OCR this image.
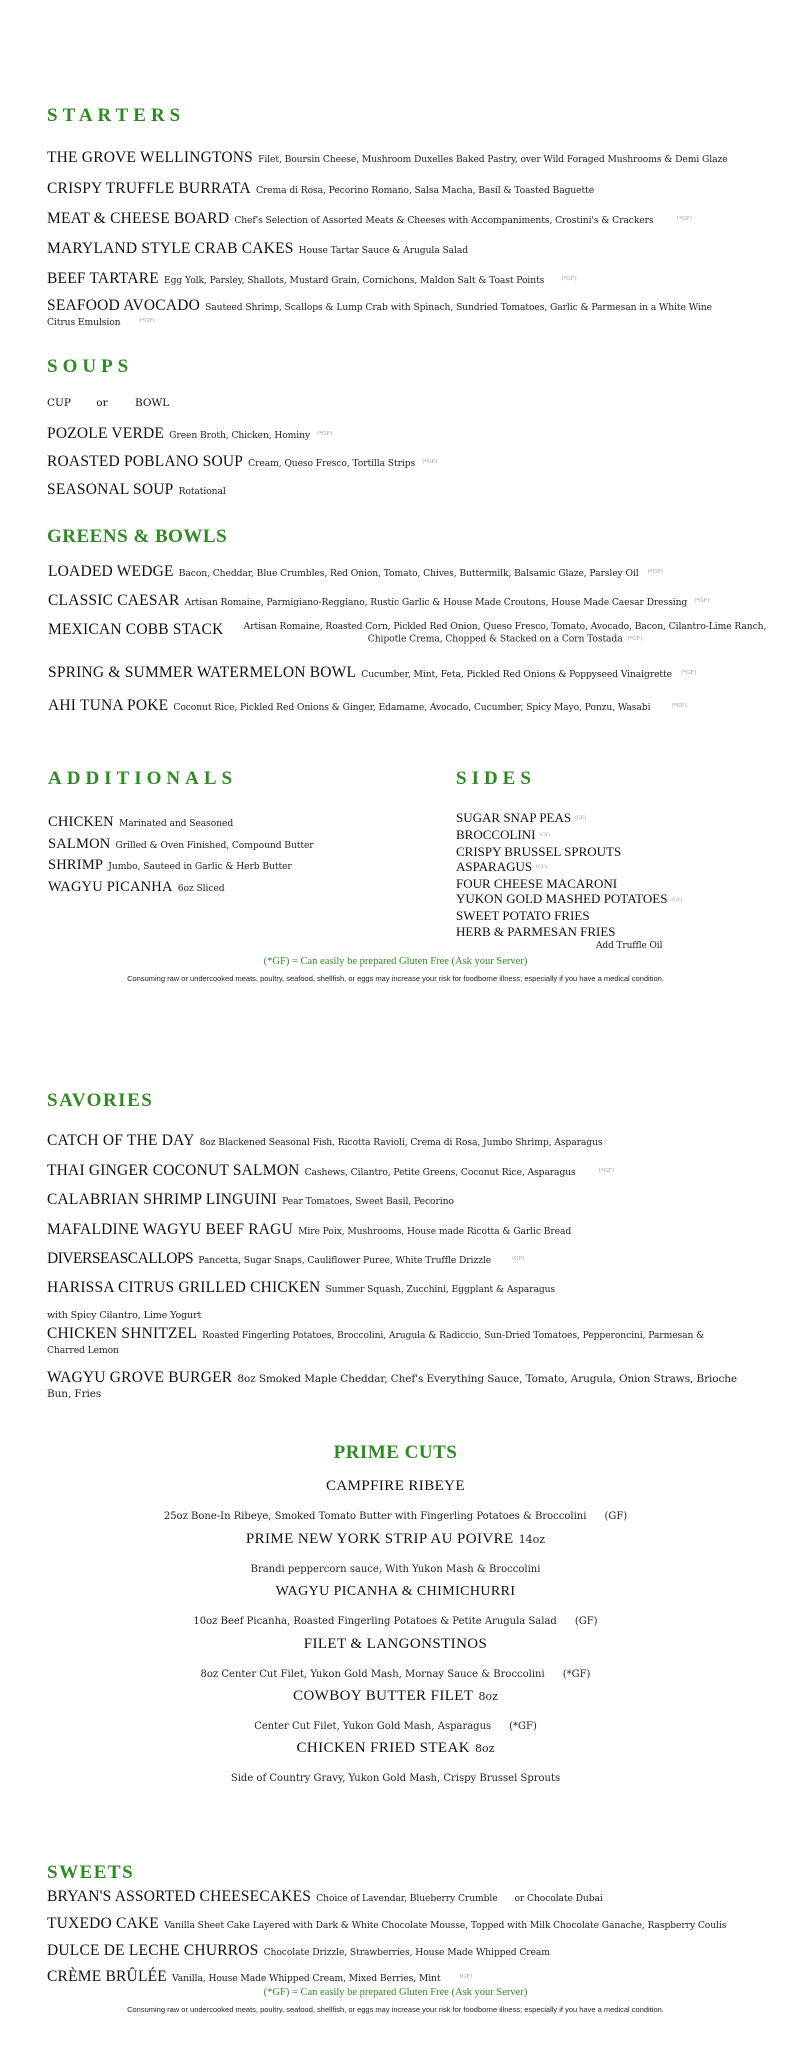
STARTERS
THE GROVE WELLINGTONS Filet, Boursin Cheese, Mushroom Duxelles Baked Pastry, over Wild Foraged Mushrooms & Demi Glaze
CRISPY TRUFFLE BURRATA Crema di Rosa, Pecorino Romano, Salsa Macha, Basil & Toasted Baguette
MEAT & CHEESE BOARD Chef's Selection of Assorted Meats & Cheeses with Accompaniments, Crostini's & Crackers	(*GF)
MARYLAND STYLE CRAB CAKES House Tartar Sauce & Arugula Salad
BEEF TARTARE Egg Yolk, Parsley, Shallots, Mustard Grain, Cornichons, Maldon Salt & Toast Points	(*GF)
SEAFOOD AVOCADO Sauteed Shrimp, Scallops & Lump Crab with Spinach, Sundried Tomatoes, Garlic & Parmesan in a White Wine Citrus Emulsion	(*GF)
SOUPS
CUP or	BOWL
POZOLE VERDE Green Broth, Chicken, Hominy (*GF)
ROASTED POBLANO SOUP Cream, Queso Fresco, Tortilla Strips (*GF)
SEASONAL SOUP Rotational
GREENS & BOWLS
LOADED WEDGE Bacon, Cheddar, Blue Crumbles, Red Onion, Tomato, Chives, Buttermilk, Balsamic Glaze, Parsley Oil (*GF)
CLASSIC CAESAR Artisan Romaine, Parmigiano-Reggiano, Rustic Garlic & House Made Croutons, House Made Caesar Dressing (*GF)
MEXICAN COBB STACK	Artisan Romaine, Roasted Corn, Pickled Red Onion, Queso Fresco, Tomato, Avocado, Bacon, Cilantro-Lime Ranch, Chipotle Crema, Chopped & Stacked on a Corn Tostada (*GF)
SPRING & SUMMER WATERMELON BOWL Cucumber, Mint, Feta, Pickled Red Onions & Poppyseed Vinaigrette (*GF)
AHI TUNA POKE Coconut Rice, Pickled Red Onions & Ginger, Edamame, Avocado, Cucumber, Spicy Mayo, Ponzu, Wasabi	(*GF)
ADDITIONALS
CHICKEN Marinated and Seasoned
SALMON Grilled & Oven Finished, Compound Butter
SHRIMP Jumbo, Sauteed in Garlic & Herb Butter
WAGYU PICANHA 6oz Sliced
SIDES
SUGAR SNAP PEAS (GF)
BROCCOLINI (GF)
CRISPY BRUSSEL SPROUTS
ASPARAGUS (GF)
FOUR CHEESE MACARONI
YUKON GOLD MASHED POTATOES (GF)
SWEET POTATO FRIES
HERB & PARMESAN FRIES
Add Truffle Oil
(*GF) = Can easily be prepared Gluten Free (Ask your Server)
Consuming raw or undercooked meats, poultry, seafood, shellfish, or eggs may increase your risk for foodborne illness; especially if you have a medical condition.
SAVORIES
CATCH OF THE DAY 8oz Blackened Seasonal Fish, Ricotta Ravioli, Crema di Rosa, Jumbo Shrimp, Asparagus
THAI GINGER COCONUT SALMON Cashews, Cilantro, Petite Greens, Coconut Rice, Asparagus	(*GF)
CALABRIAN SHRIMP LINGUINI Pear Tomatoes, Sweet Basil, Pecorino
MAFALDINE WAGYU BEEF RAGU Mire Poix, Mushrooms, House made Ricotta & Garlic Bread
DIVERSEASCALLOPS Pancetta, Sugar Snaps, Cauliflower Puree, White Truffle Drizzle	(GF)
HARISSA CITRUS GRILLED CHICKEN Summer Squash, Zucchini, Eggplant & Asparagus
with Spicy Cilantro, Lime Yogurt
CHICKEN SHNITZEL Roasted Fingerling Potatoes, Broccolini, Arugula & Radiccio, Sun-Dried Tomatoes, Pepperoncini, Parmesan & Charred Lemon
WAGYU GROVE BURGER 8oz Smoked Maple Cheddar, Chef's Everything Sauce, Tomato, Arugula, Onion Straws, Brioche Bun, Fries
PRIME CUTS
CAMPFIRE RIBEYE
25oz Bone-In Ribeye, Smoked Tomato Butter with Fingerling Potatoes & Broccolini (GF)
PRIME NEW YORK STRIP AU POIVRE 14oz
Brandi peppercorn sauce, With Yukon Mash & Broccolini
WAGYU PICANHA & CHIMICHURRI
10oz Beef Picanha, Roasted Fingerling Potatoes & Petite Arugula Salad (GF)
FILET & LANGONSTINOS
8oz Center Cut Filet, Yukon Gold Mash, Mornay Sauce & Broccolini (*GF)
COWBOY BUTTER FILET 8oz
Center Cut Filet, Yukon Gold Mash, Asparagus (*GF)
CHICKEN FRIED STEAK 8oz
Side of Country Gravy, Yukon Gold Mash, Crispy Brussel Sprouts
SWEETS
BRYAN'S ASSORTED CHEESECAKES Choice of Lavendar, Blueberry Crumble      or Chocolate Dubai
TUXEDO CAKE Vanilla Sheet Cake Layered with Dark & White Chocolate Mousse, Topped with Milk Chocolate Ganache, Raspberry Coulis
DULCE DE LECHE CHURROS Chocolate Drizzle, Strawberries, House Made Whipped Cream
CRÈME BRÛLÉE Vanilla, House Made Whipped Cream, Mixed Berries, Mint	(GF)
(*GF) = Can easily be prepared Gluten Free (Ask your Server)
Consuming raw or undercooked meats, poultry, seafood, shellfish, or eggs may increase your risk for foodborne illness; especially if you have a medical condition.
